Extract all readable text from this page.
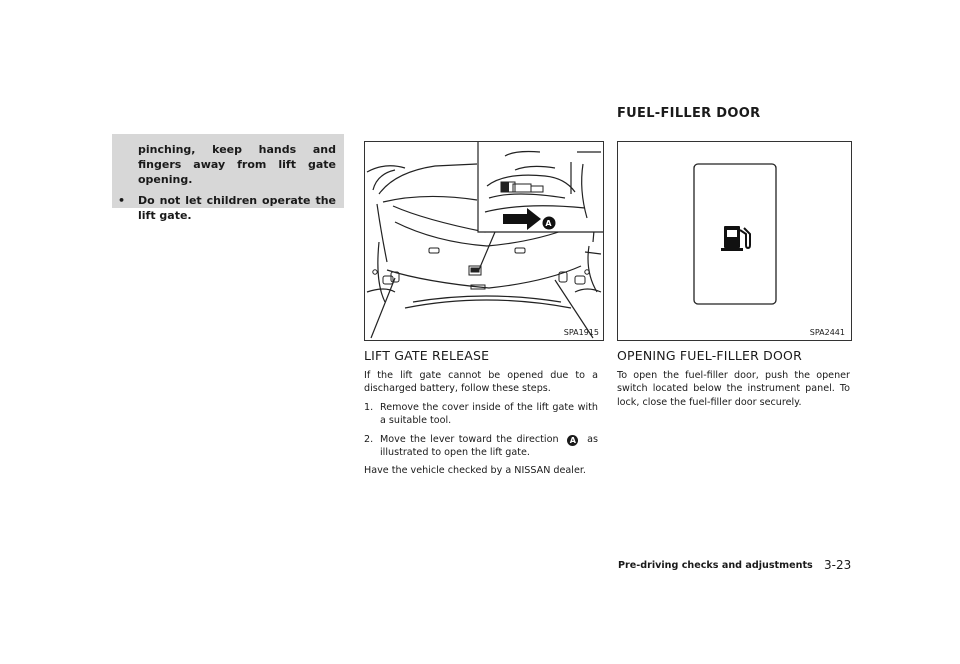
pinching, keep hands and fingers away from lift gate opening.

• Do not let children operate the lift gate.
A
SPA1915	SPA2441
FUEL-FILLER DOOR
LIFT GATE RELEASE

If the lift gate cannot be opened due to a discharged battery, follow these steps.

1. Remove the cover inside of the lift gate with a suitable tool.

2. Move the lever toward the direction A as illustrated to open the lift gate.

Have the vehicle checked by a NISSAN dealer.

OPENING FUEL-FILLER DOOR

To open the fuel-filler door, push the opener switch located below the instrument panel. To lock, close the fuel-filler door securely.

Pre-driving checks and adjustments 3-23
